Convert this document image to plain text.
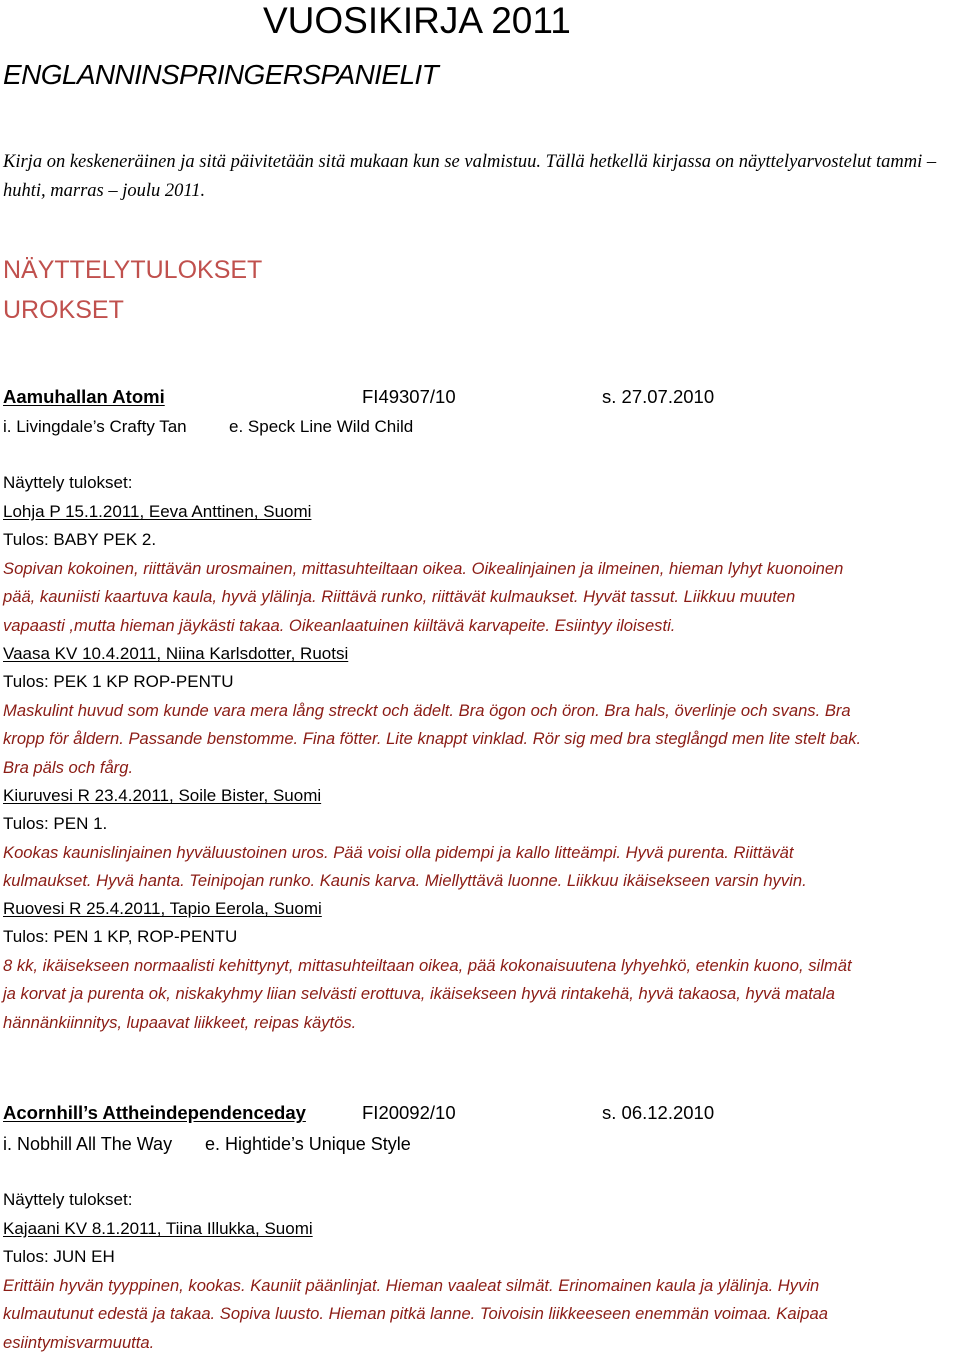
VUOSIKIRJA 2011
ENGLANNINSPRINGERSPANIELIT
Kirja on keskeneräinen ja sitä päivitetään sitä mukaan kun se valmistuu. Tällä hetkellä kirjassa on näyttelyarvostelut tammi – huhti, marras – joulu 2011.
NÄYTTELYTULOKSET
UROKSET
Aamuhallan Atomi	FI49307/10	s. 27.07.2010
i. Livingdale’s Crafty Tan e. Speck Line Wild Child
Näyttely tulokset:
Lohja P 15.1.2011, Eeva Anttinen, Suomi
Tulos: BABY PEK 2.

Sopivan kokoinen, riittävän urosmainen, mittasuhteiltaan oikea. Oikealinjainen ja ilmeinen, hieman lyhyt kuonoinen

pää, kauniisti kaartuva kaula, hyvä ylälinja. Riittävä runko, riittävät kulmaukset. Hyvät tassut. Liikkuu muuten

vapaasti ,mutta hieman jäykästi takaa. Oikeanlaatuinen kiiltävä karvapeite. Esiintyy iloisesti.

Vaasa KV 10.4.2011, Niina Karlsdotter, Ruotsi
Tulos: PEK 1 KP ROP-PENTU

Maskulint huvud som kunde vara mera lång streckt och ädelt. Bra ögon och öron. Bra hals, överlinje och svans. Bra

kropp för åldern. Passande benstomme. Fina fötter. Lite knappt vinklad. Rör sig med bra steglångd men lite stelt bak.

Bra päls och fårg.

Kiuruvesi R 23.4.2011, Soile Bister, Suomi
Tulos: PEN 1.

Kookas kaunislinjainen hyväluustoinen uros. Pää voisi olla pidempi ja kallo litteämpi. Hyvä purenta. Riittävät

kulmaukset. Hyvä hanta. Teinipojan runko. Kaunis karva. Miellyttävä luonne. Liikkuu ikäisekseen varsin hyvin.

Ruovesi R 25.4.2011, Tapio Eerola, Suomi
Tulos: PEN 1 KP, ROP-PENTU

8 kk, ikäisekseen normaalisti kehittynyt, mittasuhteiltaan oikea, pää kokonaisuutena lyhyehkö, etenkin kuono, silmät

ja korvat ja purenta ok, niskakyhmy liian selvästi erottuva, ikäisekseen hyvä rintakehä, hyvä takaosa, hyvä matala

hännänkiinnitys, lupaavat liikkeet, reipas käytös.

Acornhill’s Attheindependenceday	FI20092/10	s. 06.12.2010
i. Nobhill All The Way e. Hightide’s Unique Style
Näyttely tulokset:
Kajaani KV 8.1.2011, Tiina Illukka, Suomi
Tulos: JUN EH

Erittäin hyvän tyyppinen, kookas. Kauniit päänlinjat. Hieman vaaleat silmät. Erinomainen kaula ja ylälinja. Hyvin

kulmautunut edestä ja takaa. Sopiva luusto. Hieman pitkä lanne. Toivoisin liikkeeseen enemmän voimaa. Kaipaa

esiintymisvarmuutta.
